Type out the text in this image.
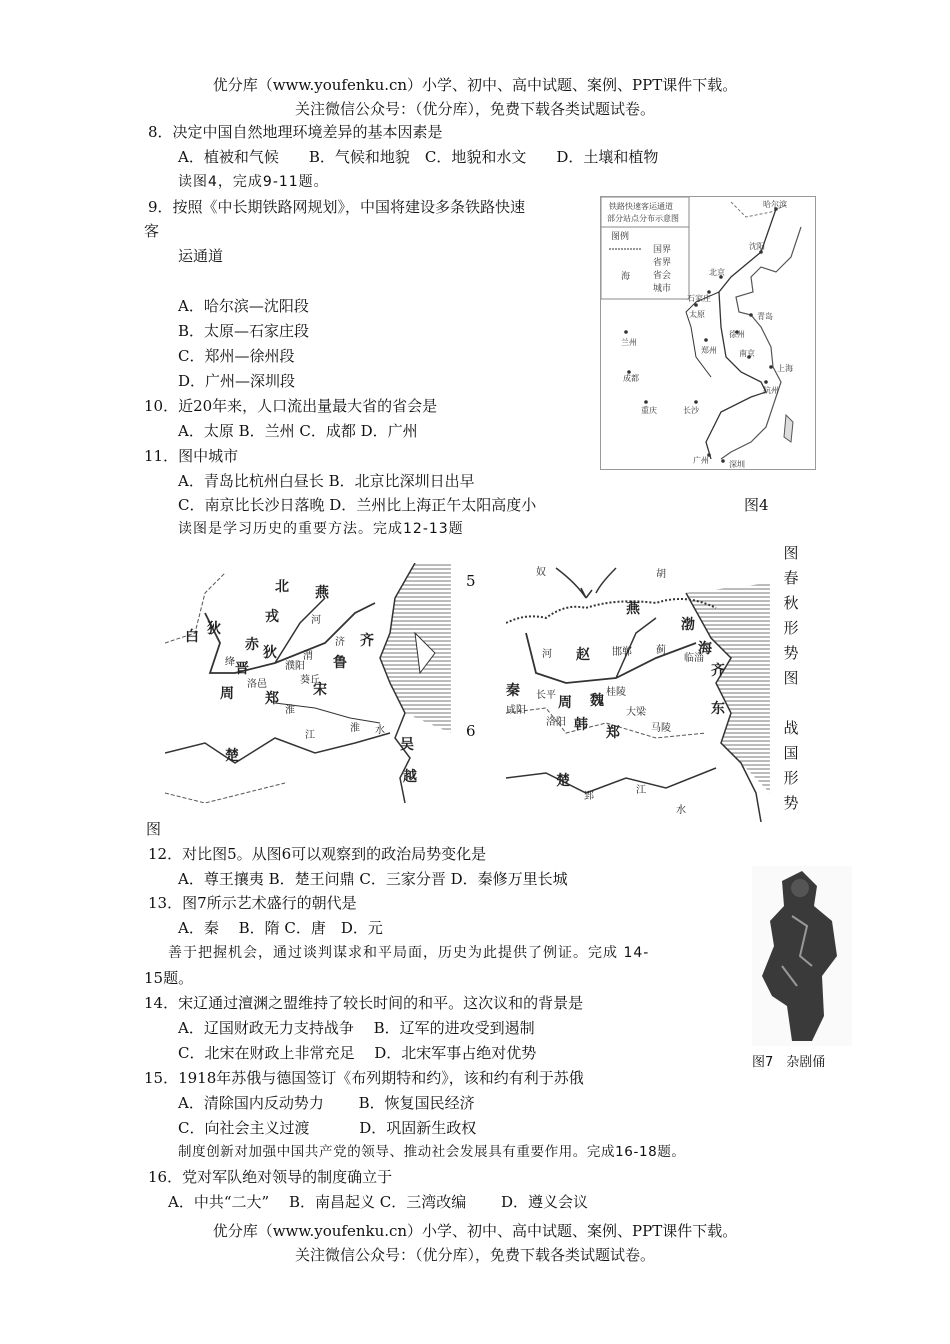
优分库（www.youfenku.cn）小学、初中、高中试题、案例、PPT课件下载。
关注微信公众号：（优分库），免费下载各类试题试卷。
8．决定中国自然地理环境差异的基本因素是
A．植被和气候　　B．气候和地貌　C．地貌和水文　　D．土壤和植物
读图4，完成9-11题。
9．按照《中长期铁路网规划》，中国将建设多条铁路快速
客
运通道
A．哈尔滨—沈阳段
B．太原—石家庄段
C．郑州—徐州段
D．广州—深圳段
10．近20年来，人口流出量最大省的省会是
A．太原 B．兰州 C．成都 D．广州
11．图中城市
A．青岛比杭州白昼长 B．北京比深圳日出早
C．南京比长沙日落晚 D．兰州比上海正午太阳高度小	图4
铁路快速客运通道
部分站点分布示意图
图例
国界
省界
省会
城市
海
哈尔滨
沈阳
北京
石家庄
太原	青岛
兰州
郑州
徐州
南京
上海
杭州
成都
重庆	长沙
广州	深圳
读图是学习历史的重要方法。完成12-13题
北 燕
戎
白 狄
赤 狄
齐
晋
周
鲁
郑
宋
楚
吴
越
河
济
渭
葵丘
濮阳
洛邑
绛
江	水
淮
淮
5
6
奴	胡
蓟
邯郸
临淄
长平
咸阳	大梁
洛阳
马陵
桂陵
郢
江
水
河
燕
渤
海
赵
齐
秦
周 魏
韩 郑
东
楚
图
春
秋
形
势
图
战
国
形
势
图
12．对比图5。从图6可以观察到的政治局势变化是
A．尊王攘夷 B．楚王问鼎 C．三家分晋 D．秦修万里长城
13．图7所示艺术盛行的朝代是
A．秦　 B．隋 C．唐　D．元
图7　杂剧俑
善于把握机会，通过谈判谋求和平局面，历史为此提供了例证。完成 14-
15题。
14．宋辽通过澶渊之盟维持了较长时间的和平。这次议和的背景是
A．辽国财政无力支持战争　 B．辽军的进攻受到遏制
C．北宋在财政上非常充足　 D．北宋军事占绝对优势
15．1918年苏俄与德国签订《布列期特和约》，该和约有利于苏俄
A．清除国内反动势力　　 B．恢复国民经济
C．向社会主义过渡　　　 D．巩固新生政权
制度创新对加强中国共产党的领导、推动社会发展具有重要作用。完成16-18题。
16．党对军队绝对领导的制度确立于
A．中共“二大”　 B．南昌起义 C．三湾改编　　 D．遵义会议
优分库（www.youfenku.cn）小学、初中、高中试题、案例、PPT课件下载。
关注微信公众号：（优分库），免费下载各类试题试卷。
